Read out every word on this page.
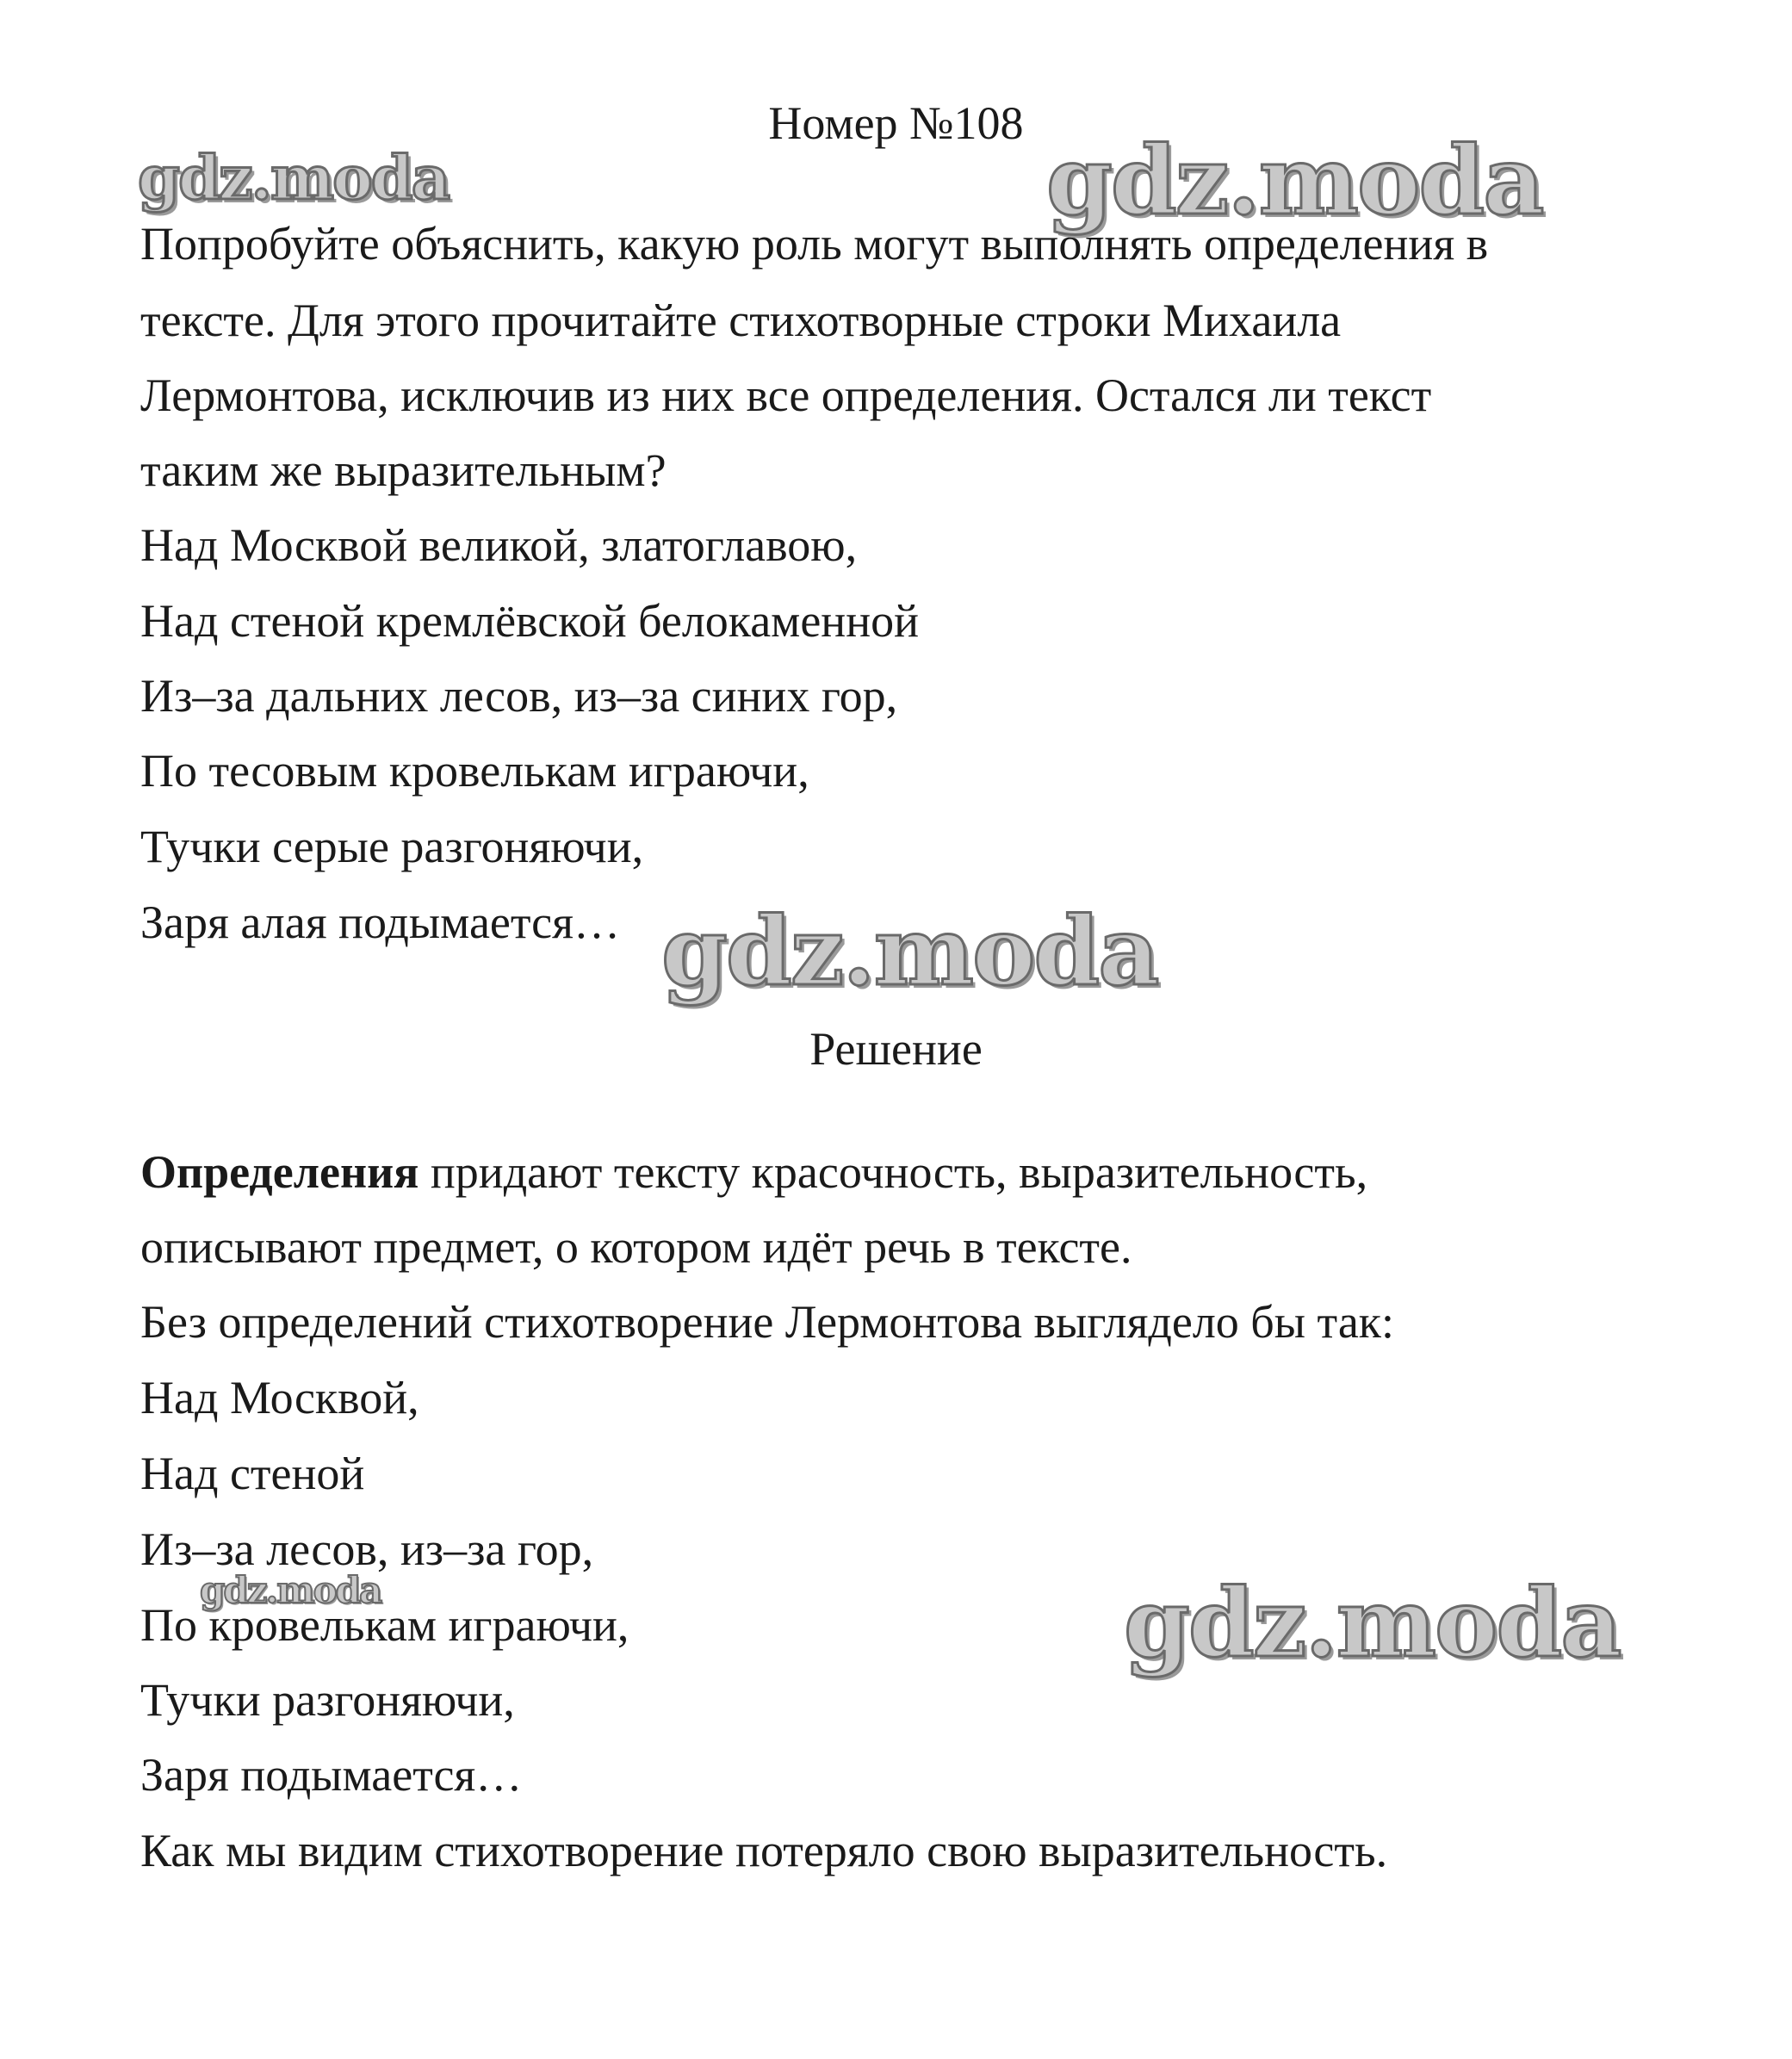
Номер №108
Попробуйте объяснить, какую роль могут выполнять определения в
тексте. Для этого прочитайте стихотворные строки Михаила
Лермонтова, исключив из них все определения. Остался ли текст
таким же выразительным?
Над Москвой великой, златоглавою,
Над стеной кремлёвской белокаменной
Из–за дальних лесов, из–за синих гор,
По тесовым кровелькам играючи,
Тучки серые разгоняючи,
Заря алая подымается…
Решение
Определения придают тексту красочность, выразительность,
описывают предмет, о котором идёт речь в тексте.
Без определений стихотворение Лермонтова выглядело бы так:
Над Москвой,
Над стеной
Из–за лесов, из–за гор,
По кровелькам играючи,
Тучки разгоняючи,
Заря подымается…
Как мы видим стихотворение потеряло свою выразительность.
gdz.moda	gdz.moda
gdz.moda
gdz.moda	gdz.moda
